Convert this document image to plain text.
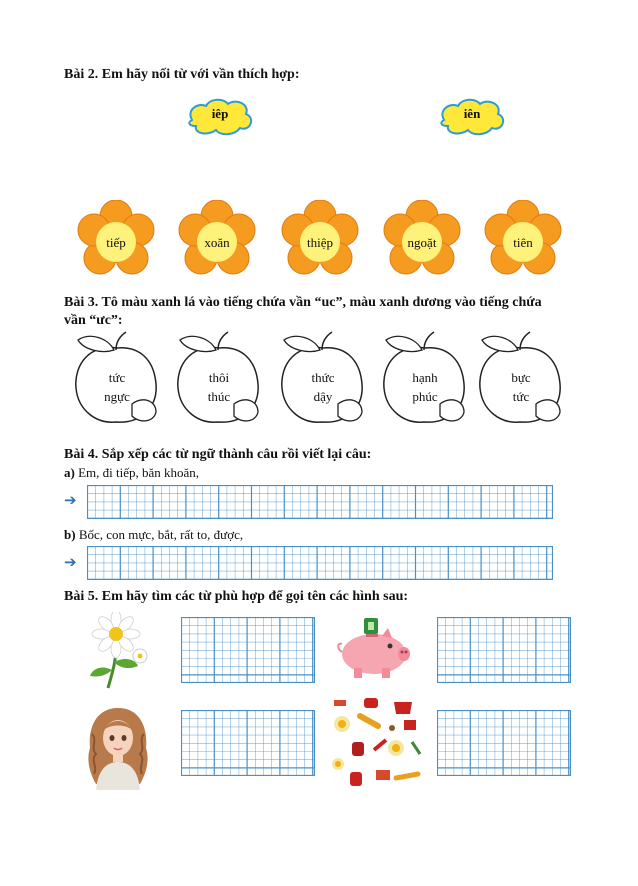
Bài 2. Em hãy nối từ với vần thích hợp:
iêp	iên
tiếp	xoăn	thiệp	ngoặt	tiên
Bài 3. Tô màu xanh lá vào tiếng chứa vần “uc”, màu xanh dương vào tiếng chứa
vần “ưc”:
tức
ngực
thôi
thúc
thức
dậy
hạnh
phúc
bực
tức
Bài 4. Sắp xếp các từ ngữ thành câu rồi viết lại câu:
a) Em, đi tiếp, băn khoăn,
➔
b) Bốc, con mực, bắt, rất to, được,
➔
Bài 5. Em hãy tìm các từ phù hợp để gọi tên các hình sau:
